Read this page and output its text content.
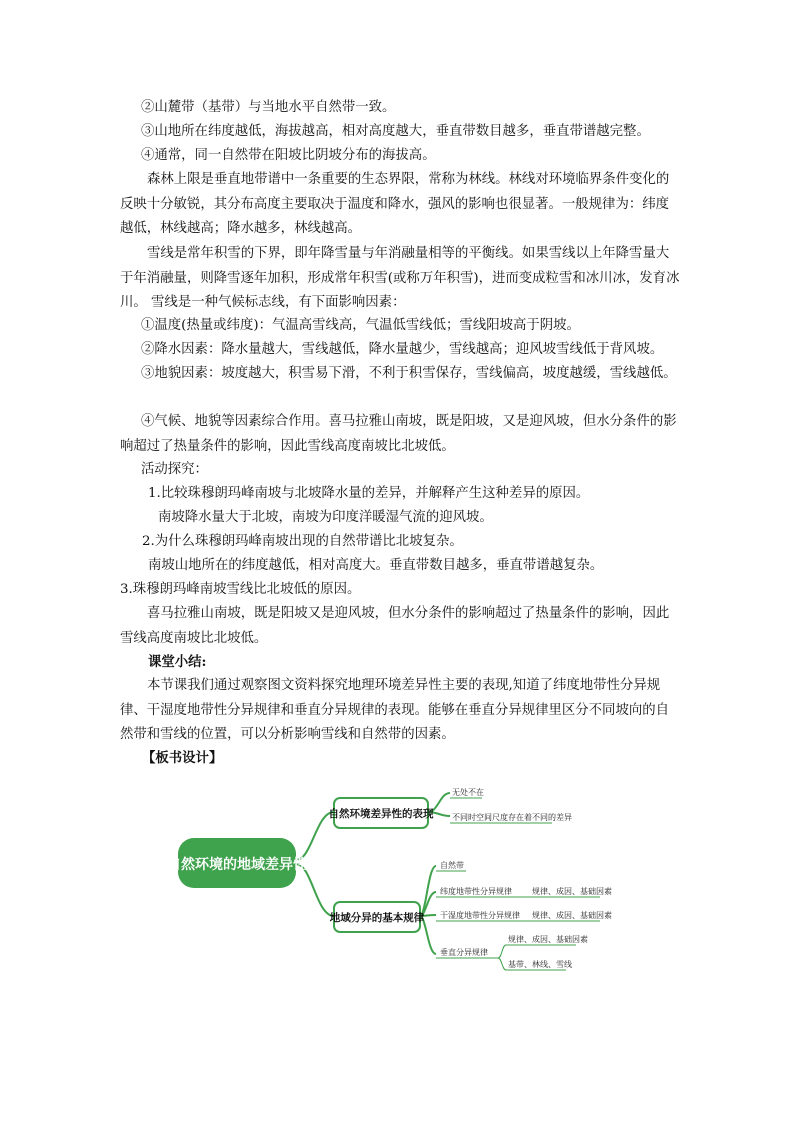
②山麓带（基带）与当地水平自然带一致。

③山地所在纬度越低，海拔越高，相对高度越大，垂直带数目越多，垂直带谱越完整。

④通常，同一自然带在阳坡比阴坡分布的海拔高。

森林上限是垂直地带谱中一条重要的生态界限，常称为林线。林线对环境临界条件变化的反映十分敏锐，其分布高度主要取决于温度和降水，强风的影响也很显著。一般规律为：纬度越低，林线越高；降水越多，林线越高。

雪线是常年积雪的下界，即年降雪量与年消融量相等的平衡线。如果雪线以上年降雪量大于年消融量，则降雪逐年加积，形成常年积雪(或称万年积雪)，进而变成粒雪和冰川冰，发育冰川。 雪线是一种气候标志线，有下面影响因素：

①温度(热量或纬度)：气温高雪线高，气温低雪线低；雪线阳坡高于阴坡。

②降水因素：降水量越大，雪线越低，降水量越少，雪线越高；迎风坡雪线低于背风坡。

③地貌因素：坡度越大，积雪易下滑，不利于积雪保存，雪线偏高，坡度越缓，雪线越低。

④气候、地貌等因素综合作用。喜马拉雅山南坡，既是阳坡，又是迎风坡，但水分条件的影响超过了热量条件的影响，因此雪线高度南坡比北坡低。

活动探究：

1.比较珠穆朗玛峰南坡与北坡降水量的差异，并解释产生这种差异的原因。

南坡降水量大于北坡，南坡为印度洋暖湿气流的迎风坡。

2.为什么珠穆朗玛峰南坡出现的自然带谱比北坡复杂。

南坡山地所在的纬度越低，相对高度大。垂直带数目越多，垂直带谱越复杂。

3.珠穆朗玛峰南坡雪线比北坡低的原因。

喜马拉雅山南坡，既是阳坡又是迎风坡，但水分条件的影响超过了热量条件的影响，因此雪线高度南坡比北坡低。

课堂小结:

本节课我们通过观察图文资料探究地理环境差异性主要的表现,知道了纬度地带性分异规律、干湿度地带性分异规律和垂直分异规律的表现。能够在垂直分异规律里区分不同坡向的自然带和雪线的位置，可以分析影响雪线和自然带的因素。

【板书设计】

自然环境的地域差异性
自然环境差异性的表现
无处不在
不同时空间尺度存在着不同的差异
地域分异的基本规律
自然带
纬度地带性分异规律	规律、成因、基础因素
干湿度地带性分异规律 规律、成因、基础因素
垂直分异规律
规律、成因、基础因素
基带、林线、雪线
